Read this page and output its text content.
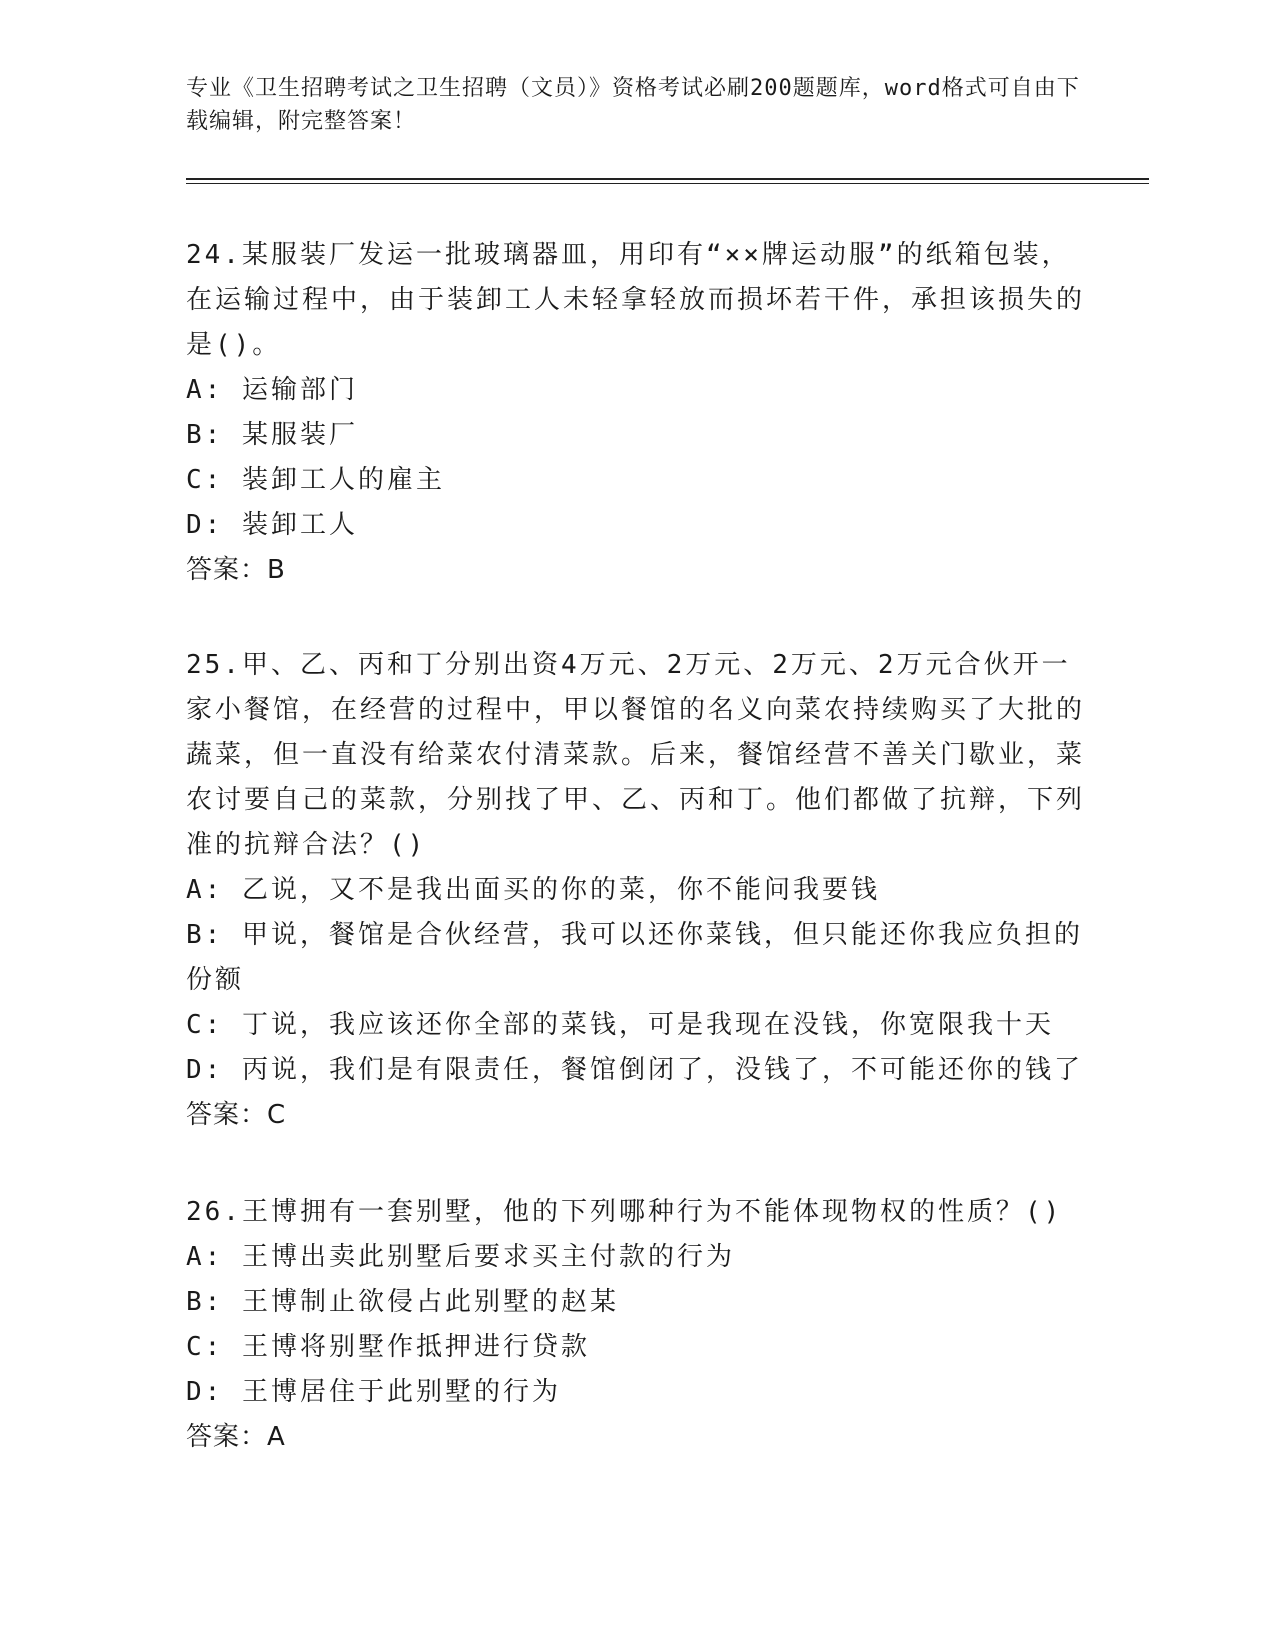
专业《卫生招聘考试之卫生招聘（文员）》资格考试必刷200题题库，word格式可自由下载编辑，附完整答案！
24.某服装厂发运一批玻璃器皿，用印有“××牌运动服”的纸箱包装，在运输过程中，由于装卸工人未轻拿轻放而损坏若干件，承担该损失的是()。
A: 运输部门
B: 某服装厂
C: 装卸工人的雇主
D: 装卸工人
答案：B
25.甲、乙、丙和丁分别出资4万元、2万元、2万元、2万元合伙开一家小餐馆，在经营的过程中，甲以餐馆的名义向菜农持续购买了大批的蔬菜，但一直没有给菜农付清菜款。后来，餐馆经营不善关门歇业，菜农讨要自己的菜款，分别找了甲、乙、丙和丁。他们都做了抗辩，下列准的抗辩合法？()
A: 乙说，又不是我出面买的你的菜，你不能问我要钱
B: 甲说，餐馆是合伙经营，我可以还你菜钱，但只能还你我应负担的份额
C: 丁说，我应该还你全部的菜钱，可是我现在没钱，你宽限我十天
D: 丙说，我们是有限责任，餐馆倒闭了，没钱了，不可能还你的钱了
答案：C
26.王博拥有一套别墅，他的下列哪种行为不能体现物权的性质？()
A: 王博出卖此别墅后要求买主付款的行为
B: 王博制止欲侵占此别墅的赵某
C: 王博将别墅作抵押进行贷款
D: 王博居住于此别墅的行为
答案：A
